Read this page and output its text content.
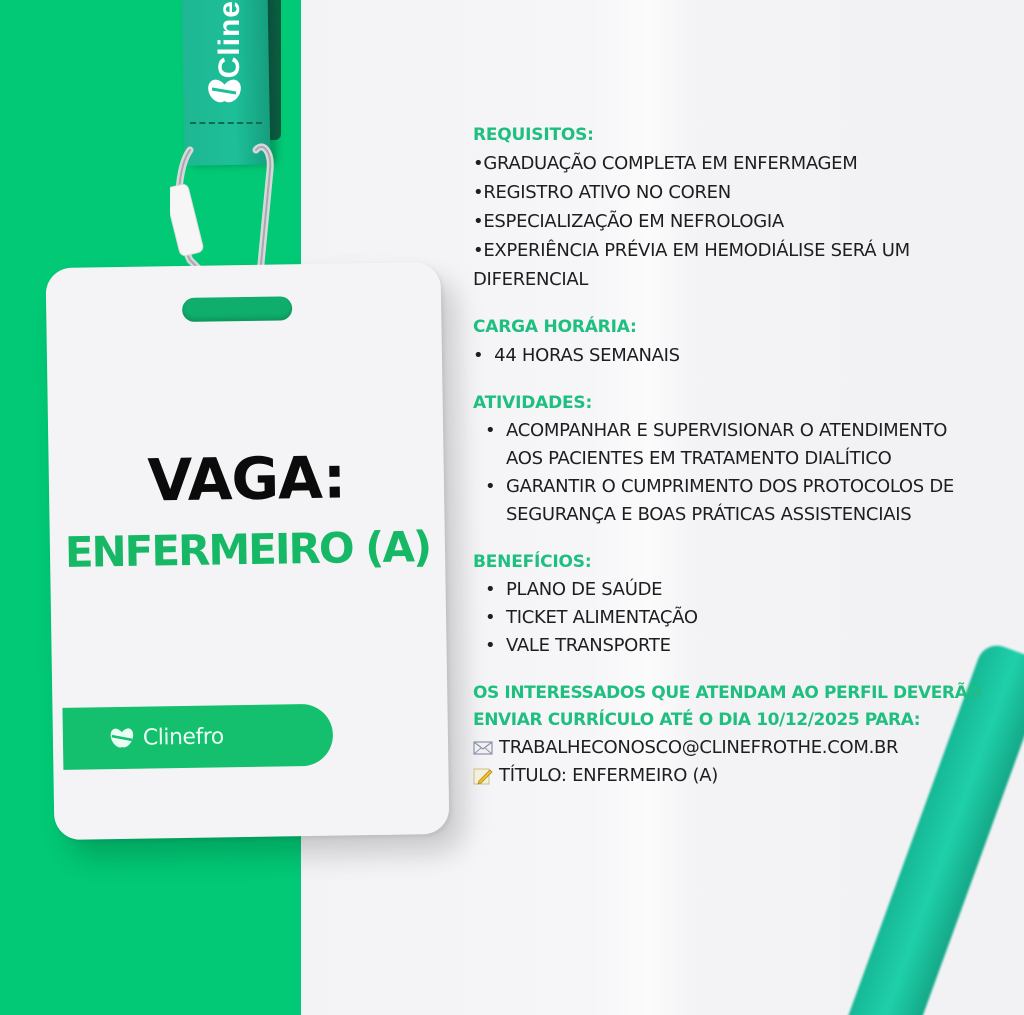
Cline
VAGA:
ENFERMEIRO (A)
Clinefro
REQUISITOS:
• GRADUAÇÃO COMPLETA EM ENFERMAGEM
• REGISTRO ATIVO NO COREN
• ESPECIALIZAÇÃO EM NEFROLOGIA
• EXPERIÊNCIA PRÉVIA EM HEMODIÁLISE SERÁ UM
DIFERENCIAL
CARGA HORÁRIA:
•  44 HORAS SEMANAIS
ATIVIDADES:
• ACOMPANHAR E SUPERVISIONAR O ATENDIMENTO
AOS PACIENTES EM TRATAMENTO DIALÍTICO
• GARANTIR O CUMPRIMENTO DOS PROTOCOLOS DE
SEGURANÇA E BOAS PRÁTICAS ASSISTENCIAIS
BENEFÍCIOS:
• PLANO DE SAÚDE
• TICKET ALIMENTAÇÃO
• VALE TRANSPORTE
OS INTERESSADOS QUE ATENDAM AO PERFIL DEVERÃO
ENVIAR CURRÍCULO ATÉ O DIA 10/12/2025 PARA:
TRABALHECONOSCO@CLINEFROTHE.COM.BR
TÍTULO: ENFERMEIRO (A)
